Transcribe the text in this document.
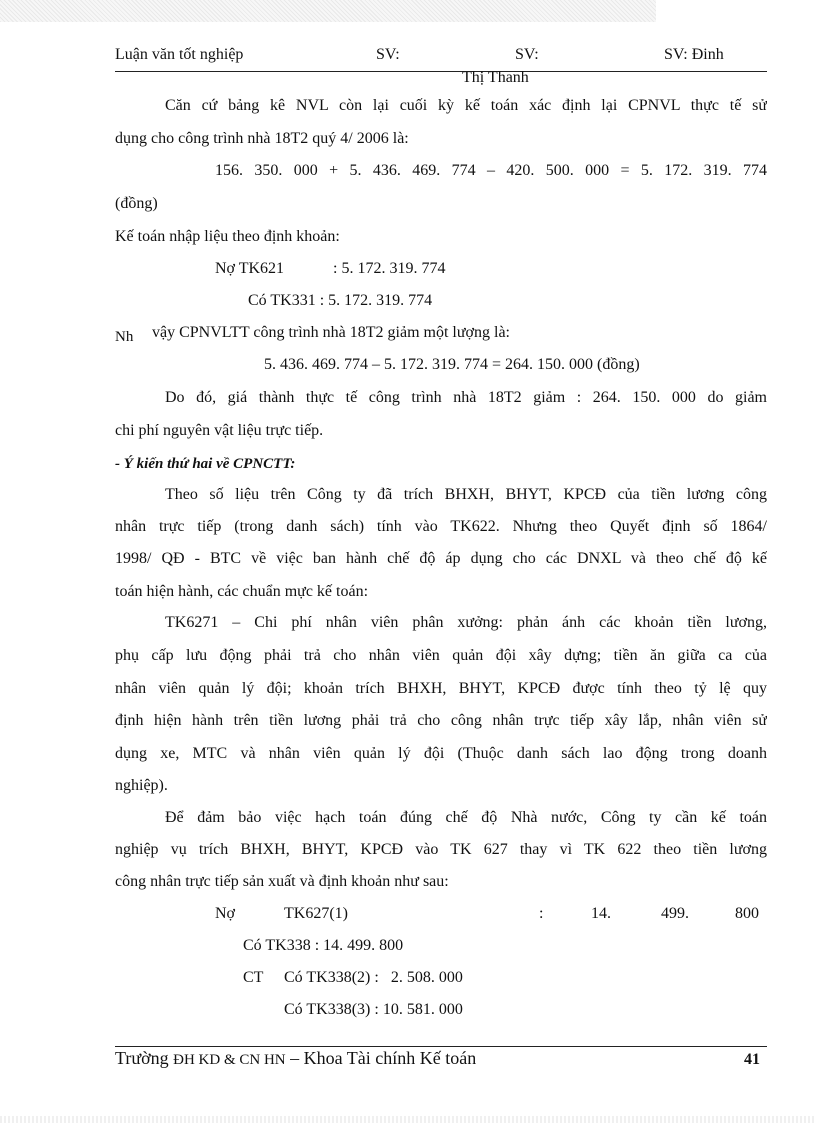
Luận văn tốt nghiệp	SV:	SV:	SV: Đinh
Thị Thanh
Căn cứ bảng kê NVL còn lại cuối kỳ kế toán xác định lại CPNVL thực tế sử
dụng cho công trình nhà 18T2 quý 4/ 2006 là:
156. 350. 000 + 5. 436. 469. 774 – 420. 500. 000 = 5. 172. 319. 774
(đồng)
Kế toán nhập liệu theo định khoản:
Nợ TK621	: 5. 172. 319. 774
Có TK331 : 5. 172. 319. 774
Nh vậy CPNVLTT công trình nhà 18T2 giảm một lượng là:
5. 436. 469. 774 – 5. 172. 319. 774 = 264. 150. 000 (đồng)
Do đó, giá thành thực tế công trình nhà 18T2 giảm : 264. 150. 000 do giảm
chi phí nguyên vật liệu trực tiếp.
- Ý kiến thứ hai về CPNCTT:
Theo số liệu trên Công ty đã trích BHXH, BHYT, KPCĐ của tiền lương công
nhân trực tiếp (trong danh sách) tính vào TK622. Nhưng theo Quyết định số 1864/
1998/ QĐ - BTC về việc ban hành chế độ áp dụng cho các DNXL và theo chế độ kế
toán hiện hành, các chuẩn mực kế toán:
TK6271 – Chi phí nhân viên phân xưởng: phản ánh các khoản tiền lương,
phụ cấp lưu động phải trả cho nhân viên quản đội xây dựng; tiền ăn giữa ca của
nhân viên quản lý đội; khoản trích BHXH, BHYT, KPCĐ được tính theo tỷ lệ quy
định hiện hành trên tiền lương phải trả cho công nhân trực tiếp xây lắp, nhân viên sử
dụng xe, MTC và nhân viên quản lý đội (Thuộc danh sách lao động trong doanh
nghiệp).
Để đảm bảo việc hạch toán đúng chế độ Nhà nước, Công ty cần kế toán
nghiệp vụ trích BHXH, BHYT, KPCĐ vào TK 627 thay vì TK 622 theo tiền lương
công nhân trực tiếp sản xuất và định khoản như sau:
Nợ	TK627(1)	:	14.	499.	800
Có TK338 : 14. 499. 800
CT Có TK338(2) :   2. 508. 000
Có TK338(3) : 10. 581. 000
Trường ĐH KD & CN HN – Khoa Tài chính Kế toán	41
